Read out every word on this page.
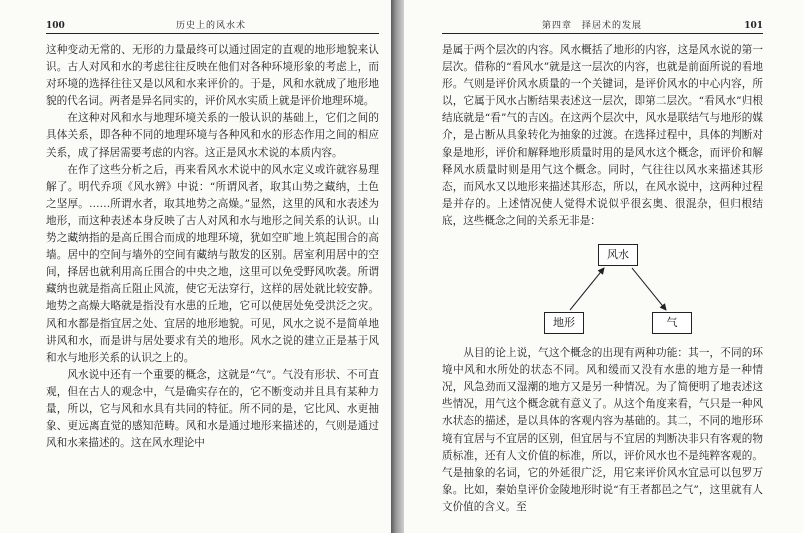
100	历史上的风水术

这种变动无常的、无形的力量最终可以通过固定的直观的地形地貌来认识。古人对风和水的考虑往往反映在他们对各种环境形象的考虑上，而对环境的选择往往又是以风和水来评价的。于是，风和水就成了地形地貌的代名词。两者是异名同实的，评价风水实质上就是评价地理环境。

在这种对风和水与地理环境关系的一般认识的基础上，它们之间的具体关系，即各种不同的地理环境与各种风和水的形态作用之间的相应关系，成了择居需要考虑的内容。这正是风水术说的本质内容。

在作了这些分析之后，再来看风水术说中的风水定义或许就容易理解了。明代乔项《风水辨》中说：“所谓风者，取其山势之藏纳，土色之坚厚。……所谓水者，取其地势之高燥。”显然，这里的风和水表述为地形，而这种表述本身反映了古人对风和水与地形之间关系的认识。山势之藏纳指的是高丘围合而成的地理环境，犹如空旷地上筑起围合的高墙。居中的空间与墙外的空间有藏纳与散发的区别。居室利用居中的空间，择居也就利用高丘围合的中央之地，这里可以免受野风吹袭。所谓藏纳也就是指高丘阻止风流，使它无法穿行，这样的居处就比较安静。地势之高燥大略就是指没有水患的丘地，它可以使居处免受洪泛之灾。风和水都是指宜居之处、宜居的地形地貌。可见，风水之说不是简单地讲风和水，而是讲与居处要求有关的地形。风水之说的建立正是基于风和水与地形关系的认识之上的。

风水说中还有一个重要的概念，这就是“气”。气没有形状、不可直观，但在古人的观念中，气是确实存在的，它不断变动并且具有某种力量，所以，它与风和水具有共同的特征。所不同的是，它比风、水更抽象、更远离直觉的感知范畴。风和水是通过地形来描述的，气则是通过风和水来描述的。这在风水理论中

第四章　择居术的发展	101

是属于两个层次的内容。风水概括了地形的内容，这是风水说的第一层次。借称的“看风水”就是这一层次的内容，也就是前面所说的看地形。气则是评价风水质量的一个关键词，是评价风水的中心内容，所以，它属于风水占断结果表述这一层次，即第二层次。“看风水”归根结底就是“看”气的吉凶。在这两个层次中，风水是联结气与地形的媒介，是占断从具象转化为抽象的过渡。在选择过程中，具体的判断对象是地形，评价和解释地形质量时用的是风水这个概念，而评价和解释风水质量时则是用气这个概念。同时，气往往以风水来描述其形态，而风水又以地形来描述其形态，所以，在风水说中，这两种过程是并存的。上述情况使人觉得术说似乎很玄奥、很混杂，但归根结底，这些概念之间的关系无非是：

风水
地形	气

从目的论上说，气这个概念的出现有两种功能：其一，不同的环境中风和水所处的状态不同。风和缓而又没有水患的地方是一种情况，风急劲而又湿潮的地方又是另一种情况。为了简便明了地表述这些情况，用气这个概念就有意义了。从这个角度来看，气只是一种风水状态的描述，是以具体的客观内容为基础的。其二，不同的地形环境有宜居与不宜居的区别，但宜居与不宜居的判断决非只有客观的物质标准，还有人文价值的标准，所以，评价风水也不是纯粹客观的。气是抽象的名词，它的外延很广泛，用它来评价风水宜忌可以包罗万象。比如，秦始皇评价金陵地形时说“有王者都邑之气”，这里就有人文价值的含义。至
